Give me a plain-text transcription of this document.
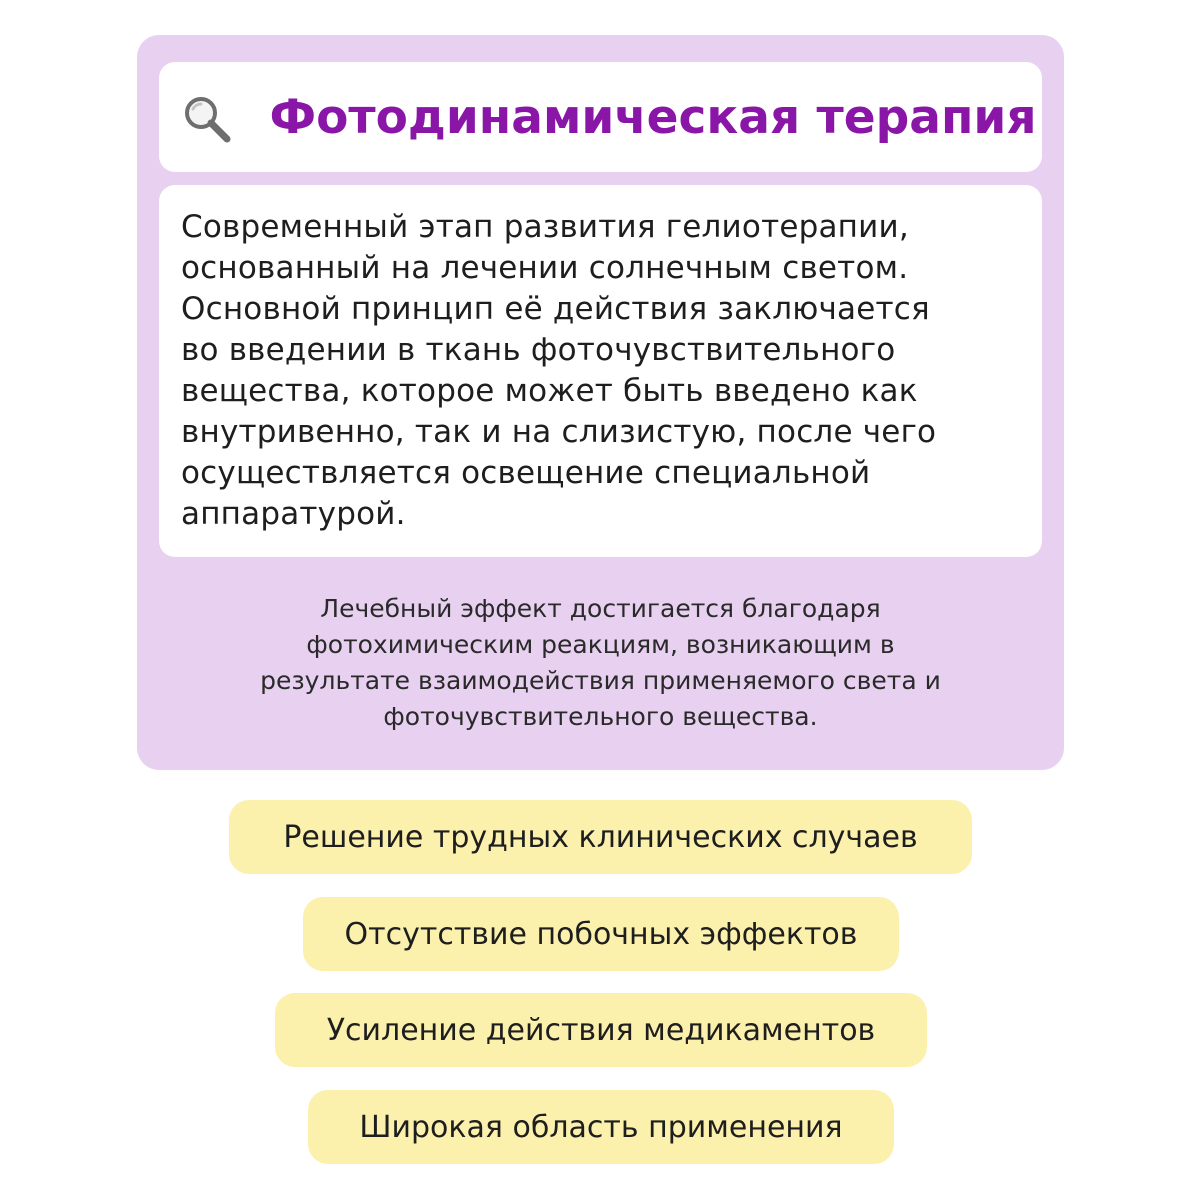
Фотодинамическая терапия

Современный этап развития гелиотерапии,
основанный на лечении солнечным светом.
Основной принцип её действия заключается
во введении в ткань фоточувствительного
вещества, которое может быть введено как
внутривенно, так и на слизистую, после чего
осуществляется освещение специальной
аппаратурой.

Лечебный эффект достигается благодаря
фотохимическим реакциям, возникающим в
результате взаимодействия применяемого света и
фоточувствительного вещества.

Решение трудных клинических случаев
Отсутствие побочных эффектов
Усиление действия медикаментов
Широкая область применения
